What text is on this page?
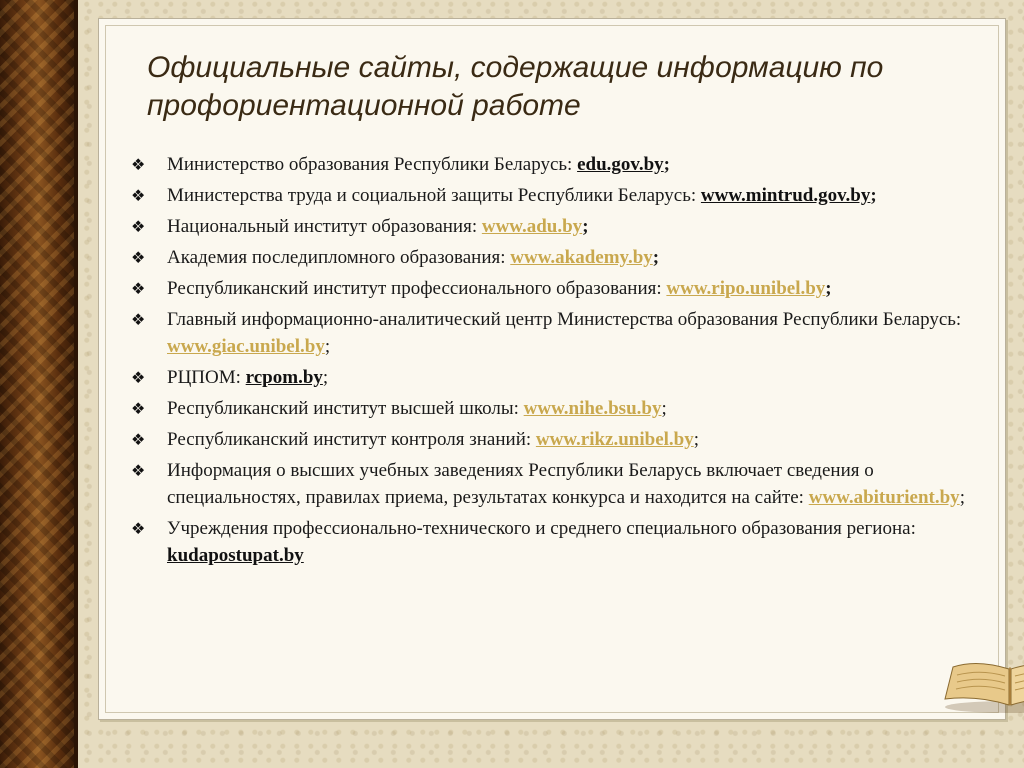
Официальные сайты, содержащие информацию по профориентационной работе
❖ Министерство образования Республики Беларусь: edu.gov.by;
❖ Министерства труда и социальной защиты Республики Беларусь: www.mintrud.gov.by;
❖ Национальный институт образования: www.adu.by;
❖ Академия последипломного образования: www.akademy.by;
❖ Республиканский институт профессионального образования: www.ripo.unibel.by;
❖ Главный информационно-аналитический центр Министерства образования Республики Беларусь: www.giac.unibel.by;
❖ РЦПОМ: rcpom.by;
❖ Республиканский институт высшей школы: www.nihe.bsu.by;
❖ Республиканский институт контроля знаний: www.rikz.unibel.by;
❖ Информация о высших учебных заведениях Республики Беларусь включает сведения о специальностях, правилах приема, результатах конкурса и находится на сайте: www.abiturient.by;
❖ Учреждения профессионально-технического и среднего специального образования региона: kudapostupat.by
